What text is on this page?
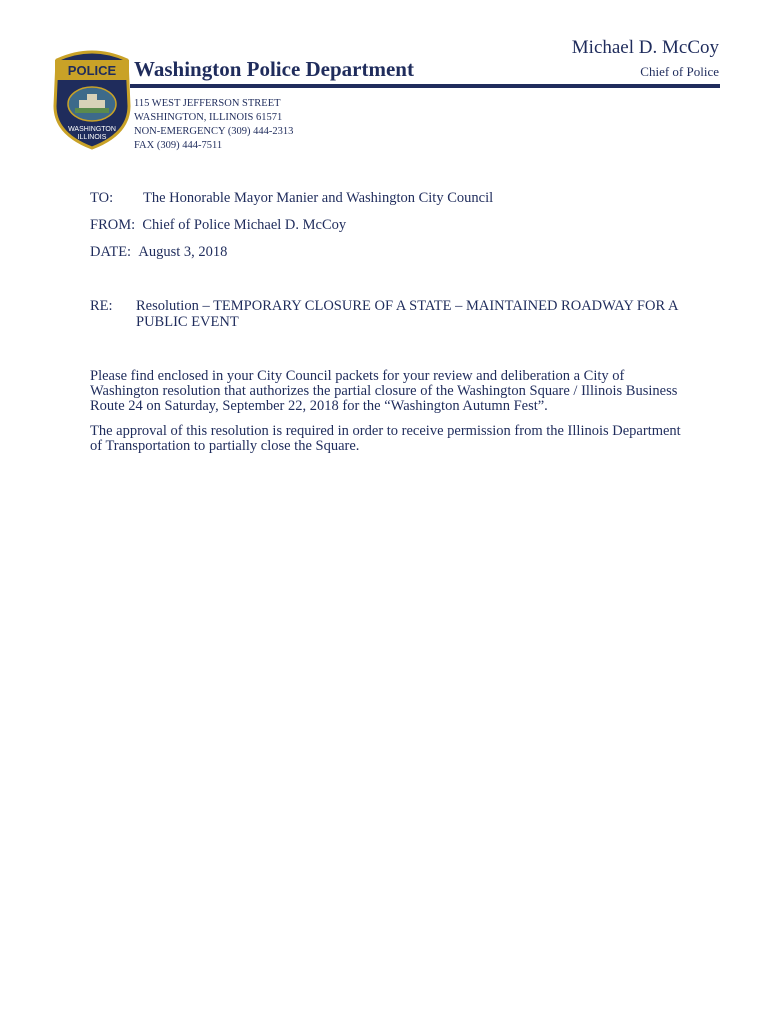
POLICE
WASHINGTON
ILLINOIS
Washington Police Department
Michael D. McCoy
Chief of Police
115 WEST JEFFERSON STREET
WASHINGTON, ILLINOIS 61571
NON-EMERGENCY (309) 444-2313
FAX (309) 444-7511
TO: The Honorable Mayor Manier and Washington City Council
FROM: Chief of Police Michael D. McCoy
DATE: August 3, 2018
RE: Resolution – TEMPORARY CLOSURE OF A STATE – MAINTAINED ROADWAY FOR A PUBLIC EVENT
Please find enclosed in your City Council packets for your review and deliberation a City of Washington resolution that authorizes the partial closure of the Washington Square / Illinois Business Route 24 on Saturday, September 22, 2018 for the “Washington Autumn Fest”.
The approval of this resolution is required in order to receive permission from the Illinois Department of Transportation to partially close the Square.
